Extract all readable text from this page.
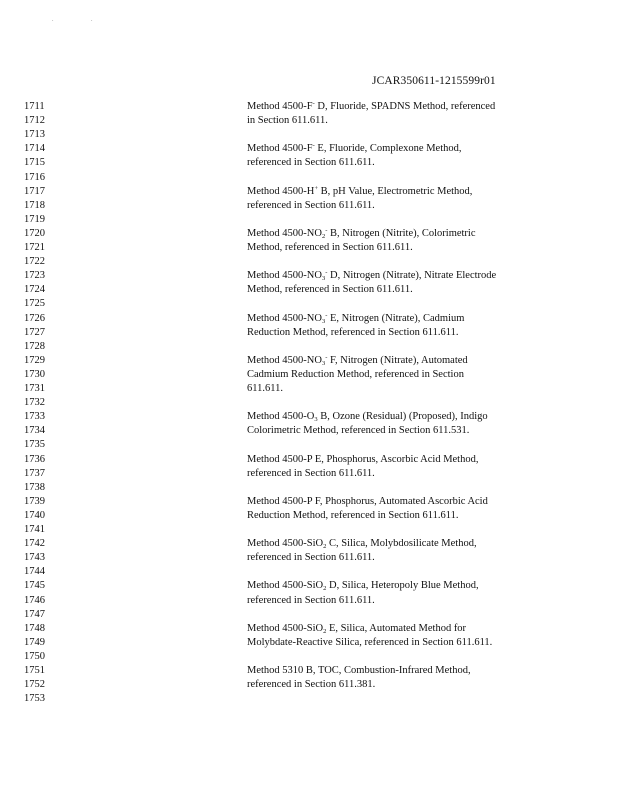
. .
JCAR350611-1215599r01
1711	Method 4500-F- D, Fluoride, SPADNS Method, referenced
1712	in Section 611.611.
1713
1714	Method 4500-F- E, Fluoride, Complexone Method,
1715	referenced in Section 611.611.
1716
1717	Method 4500-H+ B, pH Value, Electrometric Method,
1718	referenced in Section 611.611.
1719
1720	Method $4500-NO_2^-$ B, Nitrogen (Nitrite), Colorimetric
1721	Method, referenced in Section 611.611.
1722
1723	Method $4500-NO_3^-$ D, Nitrogen (Nitrate), Nitrate Electrode
1724	Method, referenced in Section 611.611.
1725
1726	Method $4500-NO_3^-$ E, Nitrogen (Nitrate), Cadmium
1727	Reduction Method, referenced in Section 611.611.
1728
1729	Method $4500-NO_3^-$ F, Nitrogen (Nitrate), Automated
1730	Cadmium Reduction Method, referenced in Section
1731	611.611.
1732
1733	Method $4500-O_3$ B, Ozone (Residual) (Proposed), Indigo
1734	Colorimetric Method, referenced in Section 611.531.
1735
1736	Method 4500-P E, Phosphorus, Ascorbic Acid Method,
1737	referenced in Section 611.611.
1738
1739	Method 4500-P F, Phosphorus, Automated Ascorbic Acid
1740	Reduction Method, referenced in Section 611.611.
1741
1742	Method 4500-SiO$_2$ C, Silica, Molybdosilicate Method,
1743	referenced in Section 611.611.
1744
1745	Method 4500-SiO$_2$ D, Silica, Heteropoly Blue Method,
1746	referenced in Section 611.611.
1747
1748	Method 4500-SiO$_2$ E, Silica, Automated Method for
1749	Molybdate-Reactive Silica, referenced in Section 611.611.
1750
1751	Method 5310 B, TOC, Combustion-Infrared Method,
1752	referenced in Section 611.381.
1753
